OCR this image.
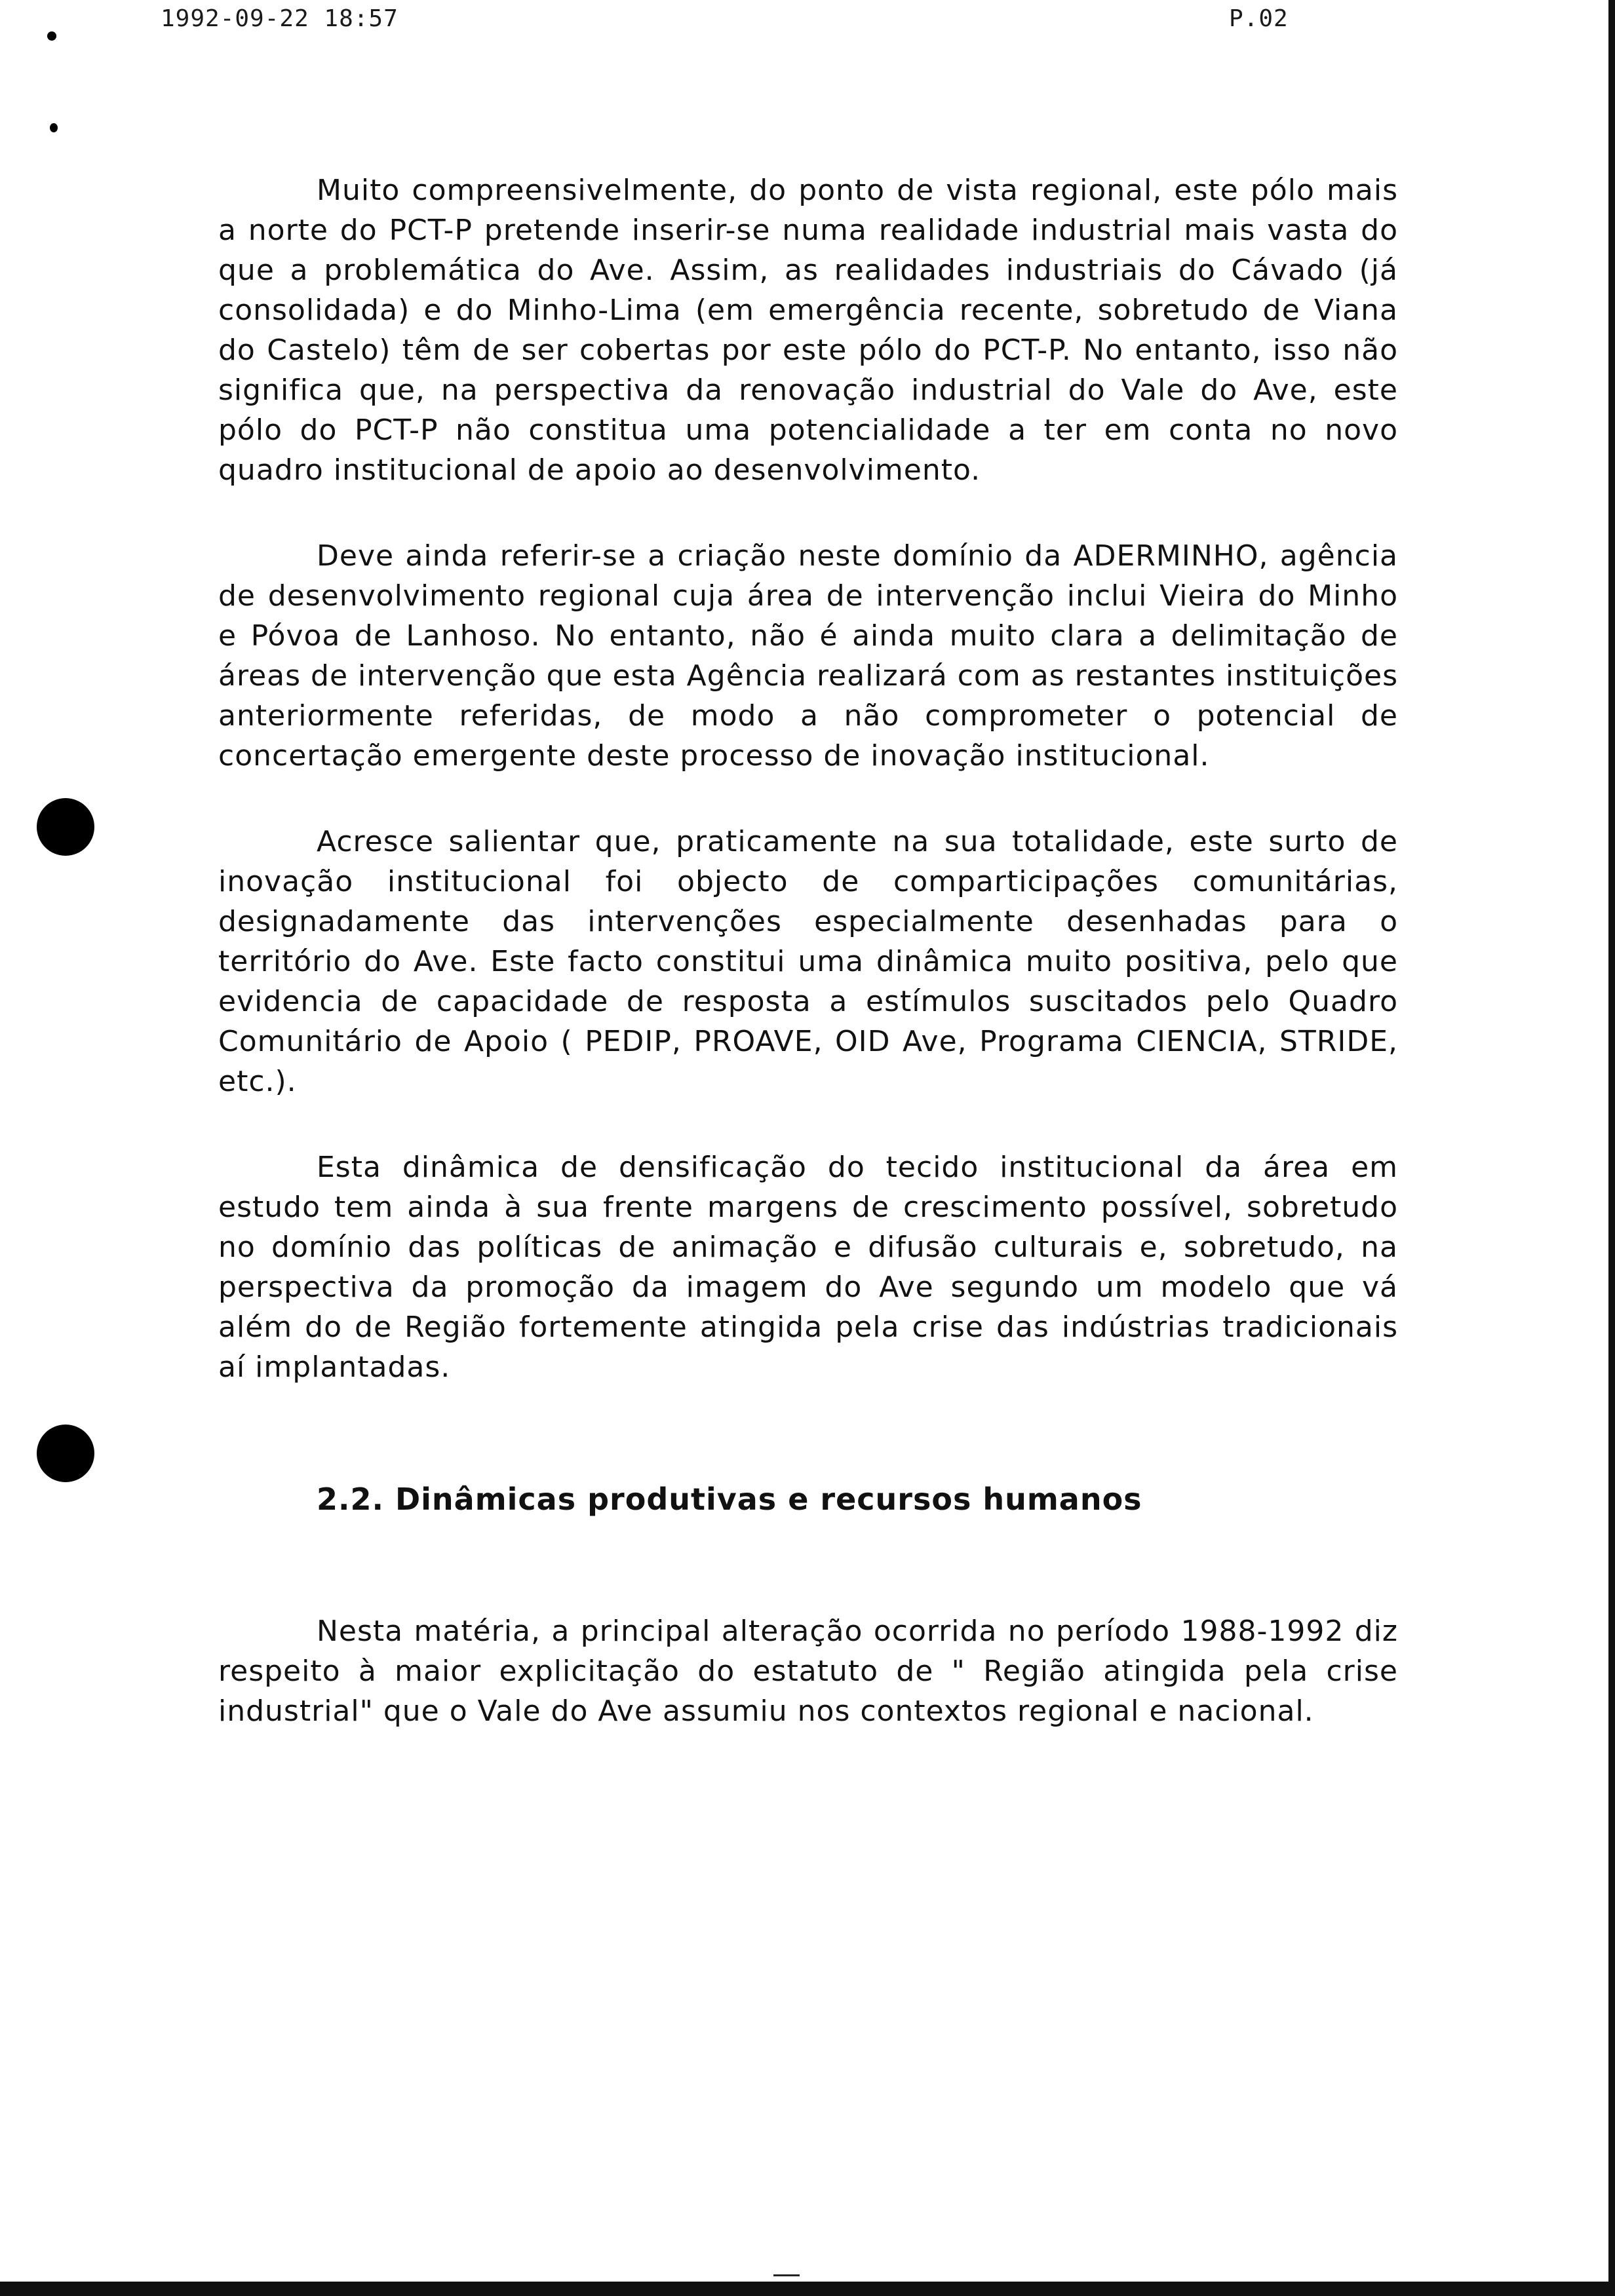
1992-09-22 18:57	P.02

Muito compreensivelmente, do ponto de vista regional, este pólo mais a norte do PCT-P pretende inserir-se numa realidade industrial mais vasta do que a problemática do Ave. Assim, as realidades industriais do Cávado (já consolidada) e do Minho-Lima (em emergência recente, sobretudo de Viana do Castelo) têm de ser cobertas por este pólo do PCT-P. No entanto, isso não significa que, na perspectiva da renovação industrial do Vale do Ave, este pólo do PCT-P não constitua uma potencialidade a ter em conta no novo quadro institucional de apoio ao desenvolvimento.

Deve ainda referir-se a criação neste domínio da ADERMINHO, agência de desenvolvimento regional cuja área de intervenção inclui Vieira do Minho e Póvoa de Lanhoso. No entanto, não é ainda muito clara a delimitação de áreas de intervenção que esta Agência realizará com as restantes instituições anteriormente referidas, de modo a não comprometer o potencial de concertação emergente deste processo de inovação institucional.

Acresce salientar que, praticamente na sua totalidade, este surto de inovação institucional foi objecto de comparticipações comunitárias, designadamente das intervenções especialmente desenhadas para o território do Ave. Este facto constitui uma dinâmica muito positiva, pelo que evidencia de capacidade de resposta a estímulos suscitados pelo Quadro Comunitário de Apoio ( PEDIP, PROAVE, OID Ave, Programa CIENCIA, STRIDE, etc.).

Esta dinâmica de densificação do tecido institucional da área em estudo tem ainda à sua frente margens de crescimento possível, sobretudo no domínio das políticas de animação e difusão culturais e, sobretudo, na perspectiva da promoção da imagem do Ave segundo um modelo que vá além do de Região fortemente atingida pela crise das indústrias tradicionais aí implantadas.

2.2. Dinâmicas produtivas e recursos humanos

Nesta matéria, a principal alteração ocorrida no período 1988-1992 diz respeito à maior explicitação do estatuto de " Região atingida pela crise industrial" que o Vale do Ave assumiu nos contextos regional e nacional.
